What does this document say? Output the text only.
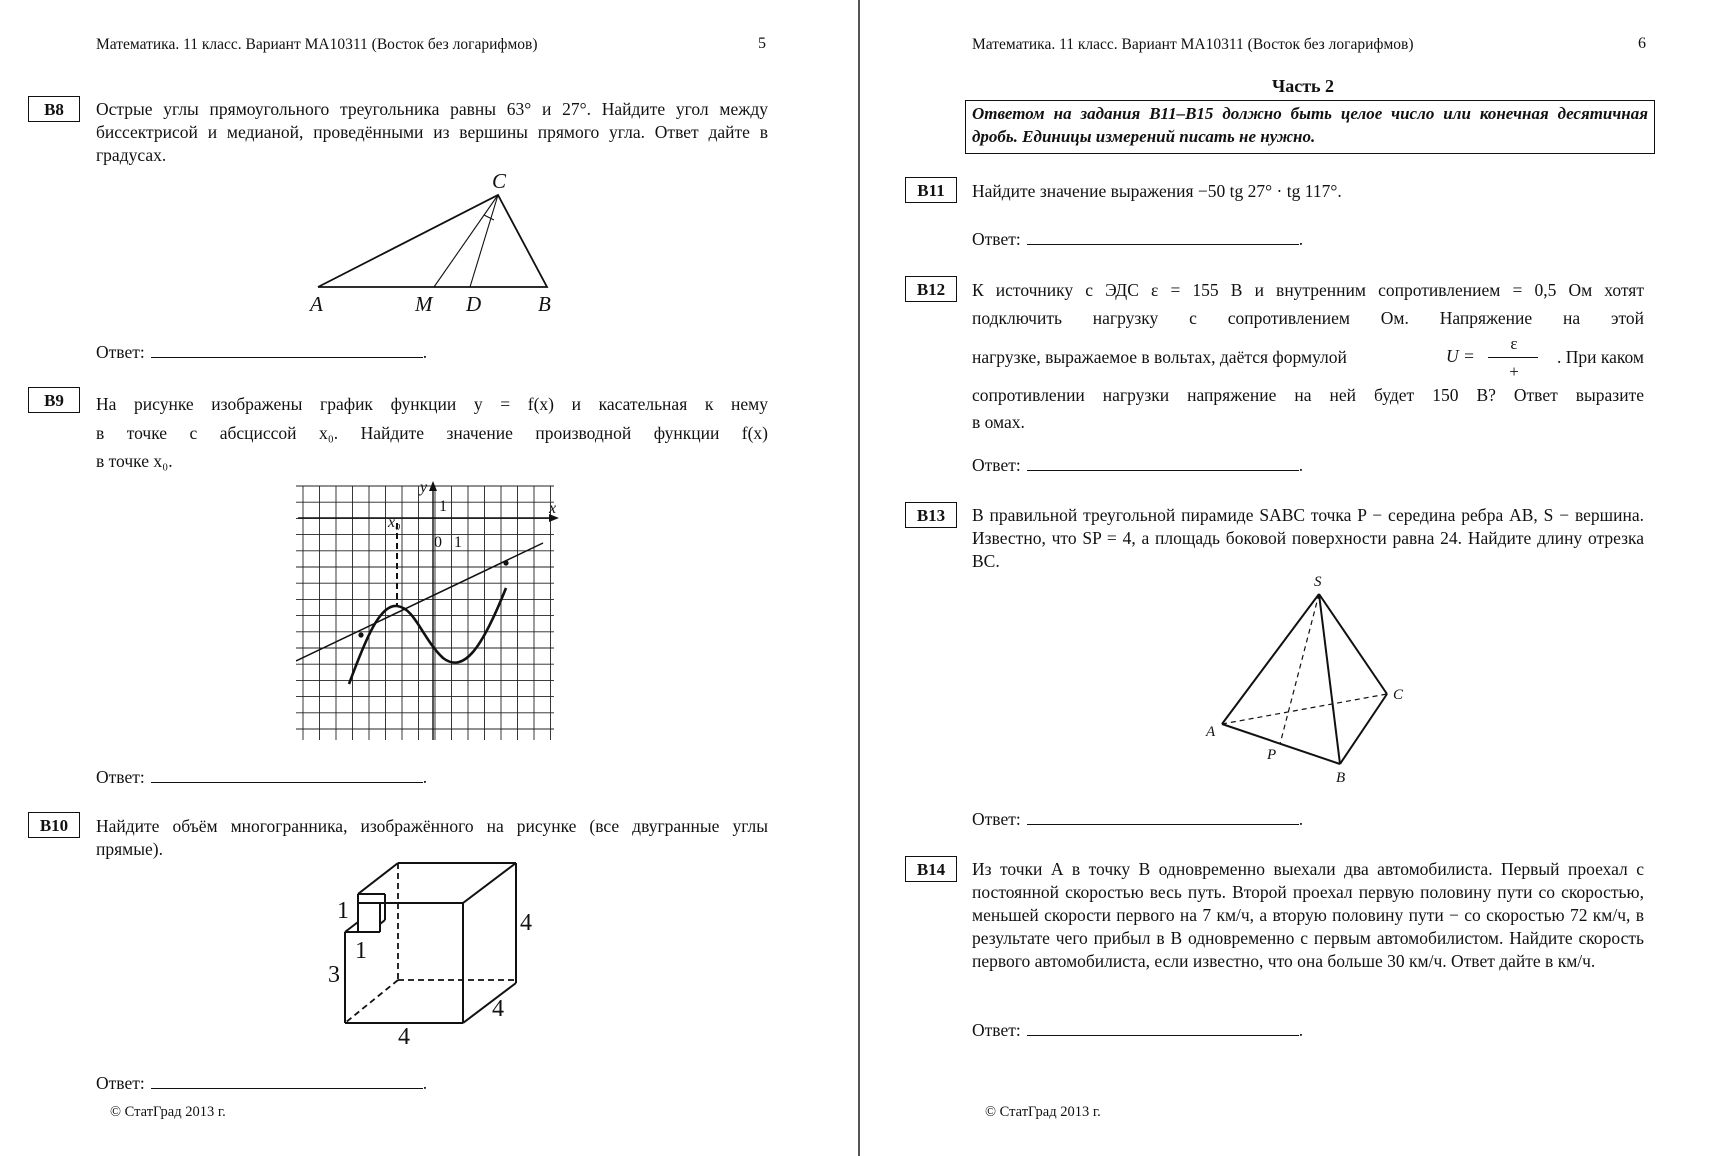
Математика. 11 класс. Вариант МА10311 (Восток без логарифмов)	5
B8	Острые углы прямоугольного треугольника равны 63° и 27°. Найдите угол между биссектрисой и медианой, проведёнными из вершины прямого угла. Ответ дайте в градусах.
C
A	M D	B
Ответ:	.
B9	На рисунке изображены график функции y = f(x) и касательная к нему
в точке с абсциссой x₀. Найдите значение производной функции f(x)
в точке x₀.
y
x
x₀
0 1
1
Ответ:	.
B10	Найдите объём многогранника, изображённого на рисунке (все двугранные углы прямые).
1
1
3
4
4
4
Ответ:	.
© СтатГрад 2013 г.
Математика. 11 класс. Вариант МА10311 (Восток без логарифмов)	6
Часть 2
Ответом на задания B11–B15 должно быть целое число или конечная десятичная дробь. Единицы измерений писать не нужно.
B11	Найдите значение выражения −50 tg 27° · tg 117°.
Ответ:	.
B12	К источнику с ЭДС ε = 155 В и внутренним сопротивлением = 0,5 Ом хотят
подключить нагрузку с сопротивлением Ом. Напряжение на этой
нагрузке, выражаемое в вольтах, даётся формулой	U =
ε
+
. При каком
сопротивлении нагрузки напряжение на ней будет 150 В? Ответ выразите
в омах.
Ответ:	.
B13	В правильной треугольной пирамиде SABC точка P − середина ребра AB, S − вершина. Известно, что SP = 4, а площадь боковой поверхности равна 24. Найдите длину отрезка BC.
S
C
A
P
B
Ответ:	.
B14	Из точки А в точку В одновременно выехали два автомобилиста. Первый проехал с постоянной скоростью весь путь. Второй проехал первую половину пути со скоростью, меньшей скорости первого на 7 км/ч, а вторую половину пути − со скоростью 72 км/ч, в результате чего прибыл в В одновременно с первым автомобилистом. Найдите скорость первого автомобилиста, если известно, что она больше 30 км/ч. Ответ дайте в км/ч.
Ответ:	.
© СтатГрад 2013 г.
